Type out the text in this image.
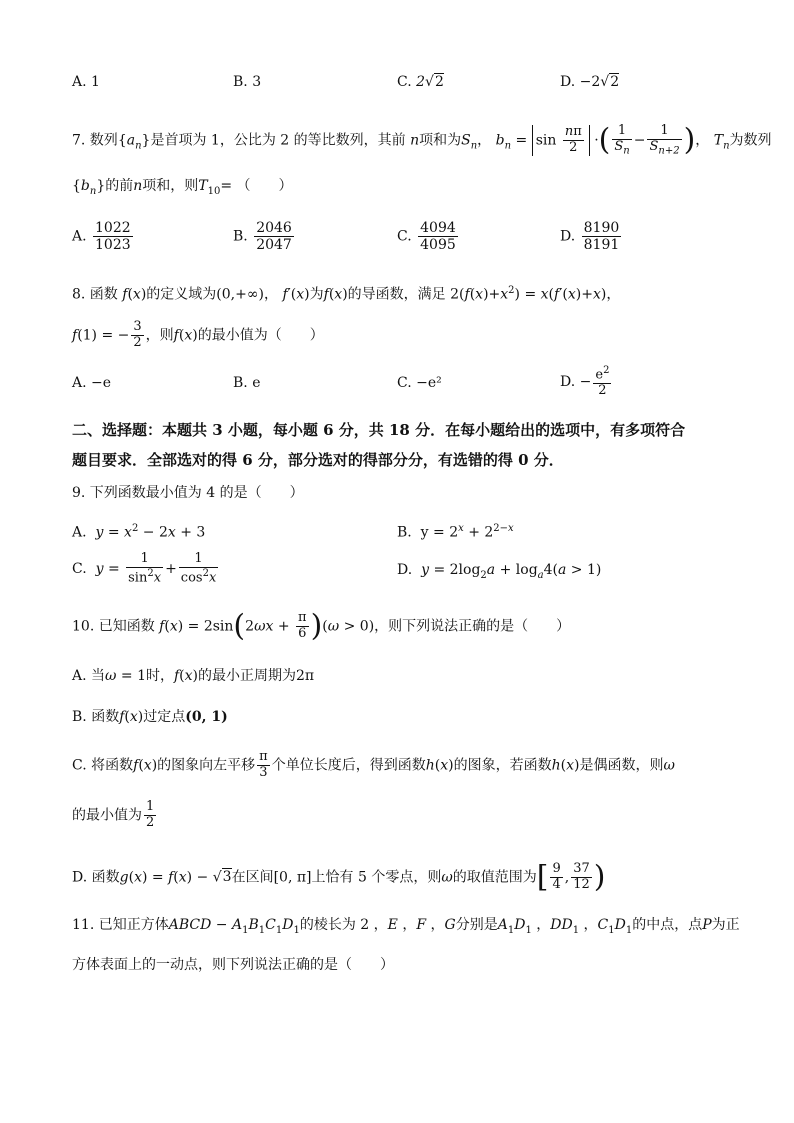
A. 1	B. 3	C. 2√2	D. −2√2
7. 数列$\{a_n\}$是首项为 1，公比为 2 的等比数列，其前 n项和为$S_n$， $b_n = \sin \frac{n\pi}{2}$ ·( $\frac{1}{S_n} - \frac{1}{S_{n+2}}$ )， $T_n$为数列
$\{b_n\}$的前n项和，则$T_{10}=$ （　　）
A. $\frac{1022}{1023}$	B. $\frac{2046}{2047}$	C. $\frac{4094}{4095}$	D. $\frac{8190}{8191}$
8. 函数 f(x)的定义域为(0,+∞)， f′(x)为f(x)的导函数，满足 $2(f(x)+x^2) = x(f'(x)+x)$，
f(1) = − $\frac{3}{2}$ ，则f(x)的最小值为（　　）
A. −e	B. e	C. −e²	D. − $\frac{e^2}{2}$
二、选择题：本题共 3 小题，每小题 6 分，共 18 分．在每小题给出的选项中，有多项符合
题目要求．全部选对的得 6 分，部分选对的得部分分，有选错的得 0 分．
9. 下列函数最小值为 4 的是（　　）
A. $y = x^2 - 2x + 3$	B.  $y = 2^x + 2^{2-x}$
C. $y = \frac{1}{\sin^2x} + \frac{1}{\cos^2x}$	D. $y = 2\log_2a + \log_a4(a > 1)$
10. 已知函数 $f(x) = 2\sin(2\omega x + \frac{\pi}{6} )(\omega > 0)$，则下列说法正确的是（　　）
A. 当ω = 1时，f(x)的最小正周期为2π
B. 函数f(x)过定点(0, 1)
C. 将函数f(x)的图象向左平移 $\frac{\pi}{3}$ 个单位长度后，得到函数h(x)的图象，若函数h(x)是偶函数，则ω
的最小值为 $\frac{1}{2}$
D. 函数g(x) = f(x) − √3在区间[0, π]上恰有 5 个零点，则ω的取值范围为[ $\frac{9}{4}$ , $\frac{37}{12}$ )
11. 已知正方体ABCD − $A_1B_1C_1D_1$的棱长为 2 ，E ，F ，G分别是$A_1D_1$ ，$DD_1$ ，$C_1D_1$的中点，点P为正
方体表面上的一动点，则下列说法正确的是（　　）
